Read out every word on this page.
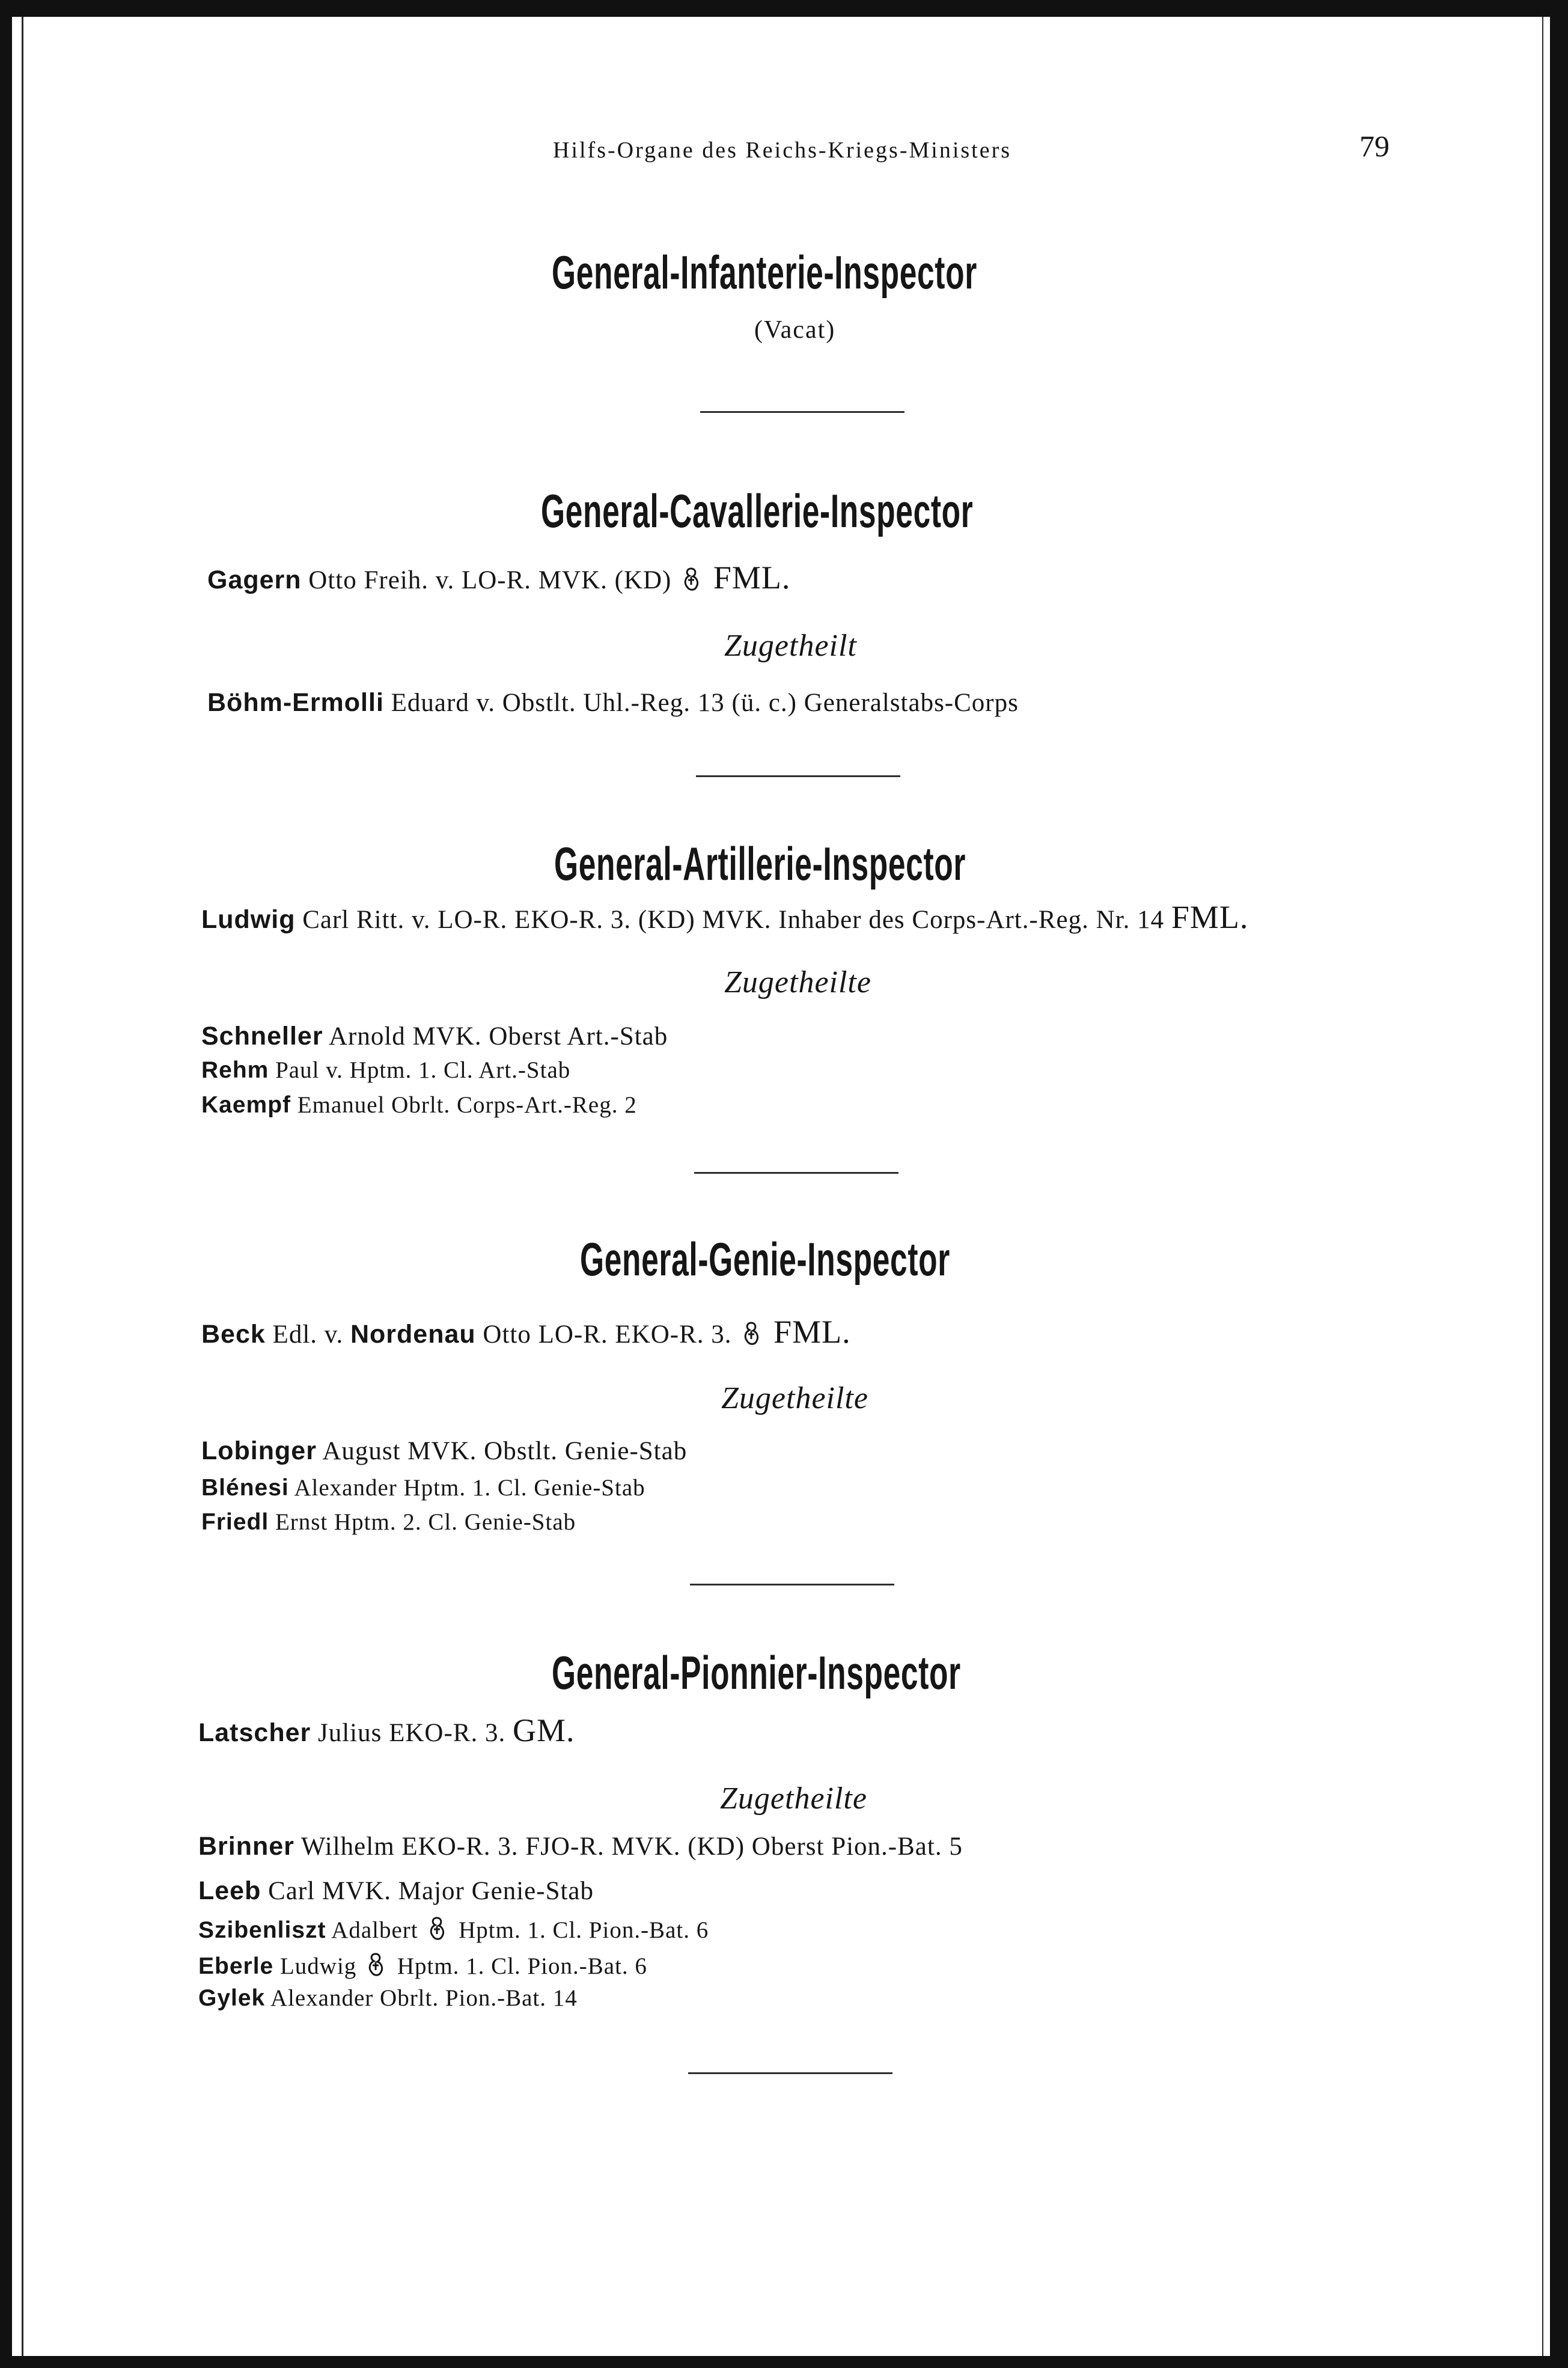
Hilfs-Organe des Reichs-Kriegs-Ministers	79
General-Infanterie-Inspector
(Vacat)
General-Cavallerie-Inspector
Gagern Otto Freih. v. LO-R. MVK. (KD) FML.
Zugetheilt
Böhm-Ermolli Eduard v. Obstlt. Uhl.-Reg. 13 (ü. c.) Generalstabs-Corps
General-Artillerie-Inspector
Ludwig Carl Ritt. v. LO-R. EKO-R. 3. (KD) MVK. Inhaber des Corps-Art.-Reg. Nr. 14 FML.
Zugetheilte
Schneller Arnold MVK. Oberst Art.-Stab
Rehm Paul v. Hptm. 1. Cl. Art.-Stab
Kaempf Emanuel Obrlt. Corps-Art.-Reg. 2
General-Genie-Inspector
Beck Edl. v. Nordenau Otto LO-R. EKO-R. 3. FML.
Zugetheilte
Lobinger August MVK. Obstlt. Genie-Stab
Blénesi Alexander Hptm. 1. Cl. Genie-Stab
Friedl Ernst Hptm. 2. Cl. Genie-Stab
General-Pionnier-Inspector
Latscher Julius EKO-R. 3. GM.
Zugetheilte
Brinner Wilhelm EKO-R. 3. FJO-R. MVK. (KD) Oberst Pion.-Bat. 5
Leeb Carl MVK. Major Genie-Stab
Szibenliszt Adalbert Hptm. 1. Cl. Pion.-Bat. 6
Eberle Ludwig Hptm. 1. Cl. Pion.-Bat. 6
Gylek Alexander Obrlt. Pion.-Bat. 14
